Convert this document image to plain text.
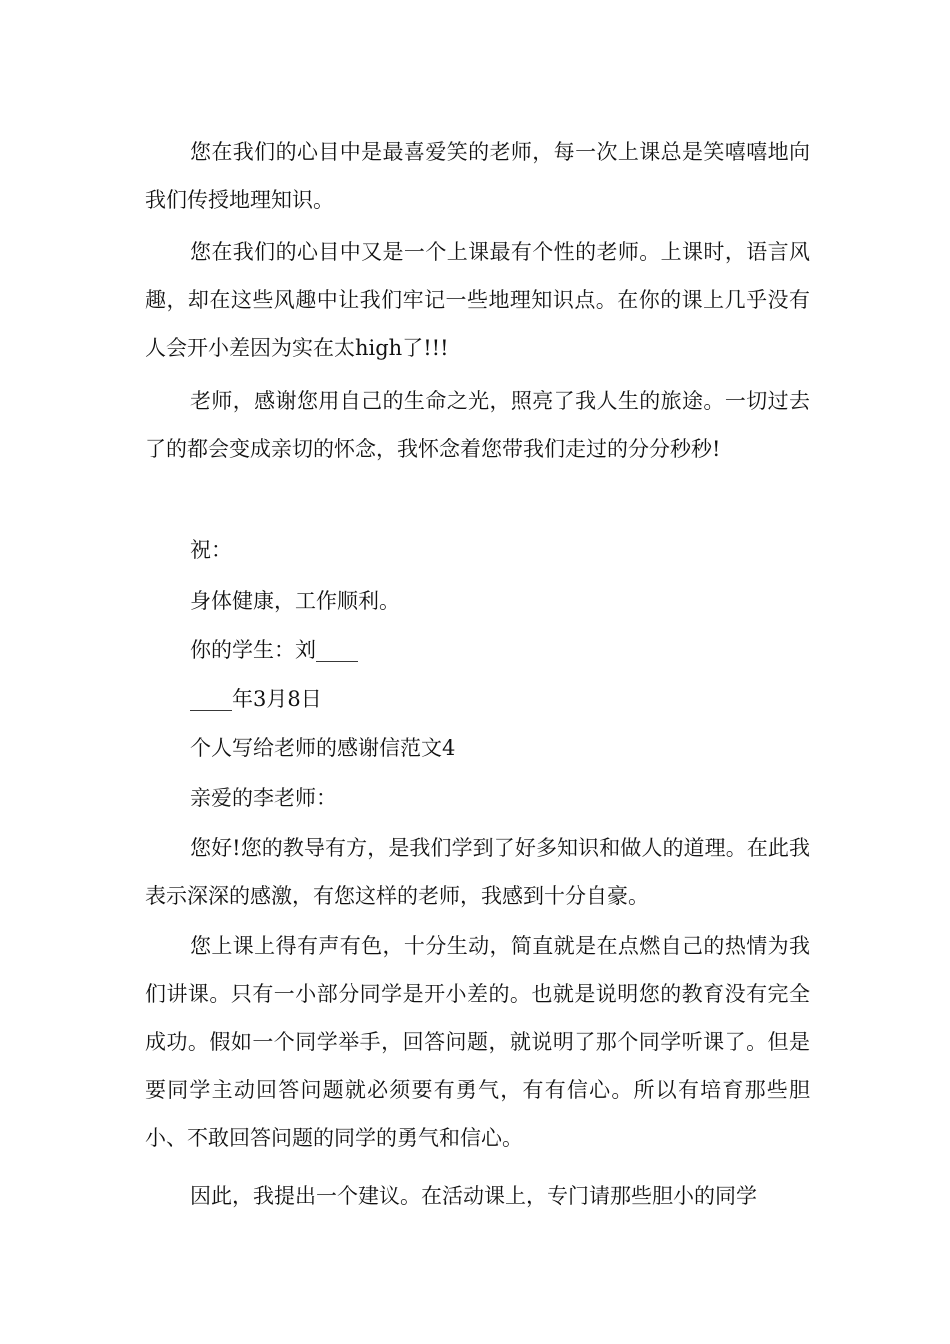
您在我们的心目中是最喜爱笑的老师，每一次上课总是笑嘻嘻地向我们传授地理知识。

您在我们的心目中又是一个上课最有个性的老师。上课时，语言风趣，却在这些风趣中让我们牢记一些地理知识点。在你的课上几乎没有人会开小差因为实在太high了!!!

老师，感谢您用自己的生命之光，照亮了我人生的旅途。一切过去了的都会变成亲切的怀念，我怀念着您带我们走过的分分秒秒!

祝：

身体健康，工作顺利。

你的学生：刘____

____年3月8日

个人写给老师的感谢信范文4

亲爱的李老师：

您好!您的教导有方，是我们学到了好多知识和做人的道理。在此我表示深深的感激，有您这样的老师，我感到十分自豪。

您上课上得有声有色，十分生动，简直就是在点燃自己的热情为我们讲课。只有一小部分同学是开小差的。也就是说明您的教育没有完全成功。假如一个同学举手，回答问题，就说明了那个同学听课了。但是要同学主动回答问题就必须要有勇气，有有信心。所以有培育那些胆小、不敢回答问题的同学的勇气和信心。

因此，我提出一个建议。在活动课上，专门请那些胆小的同学
